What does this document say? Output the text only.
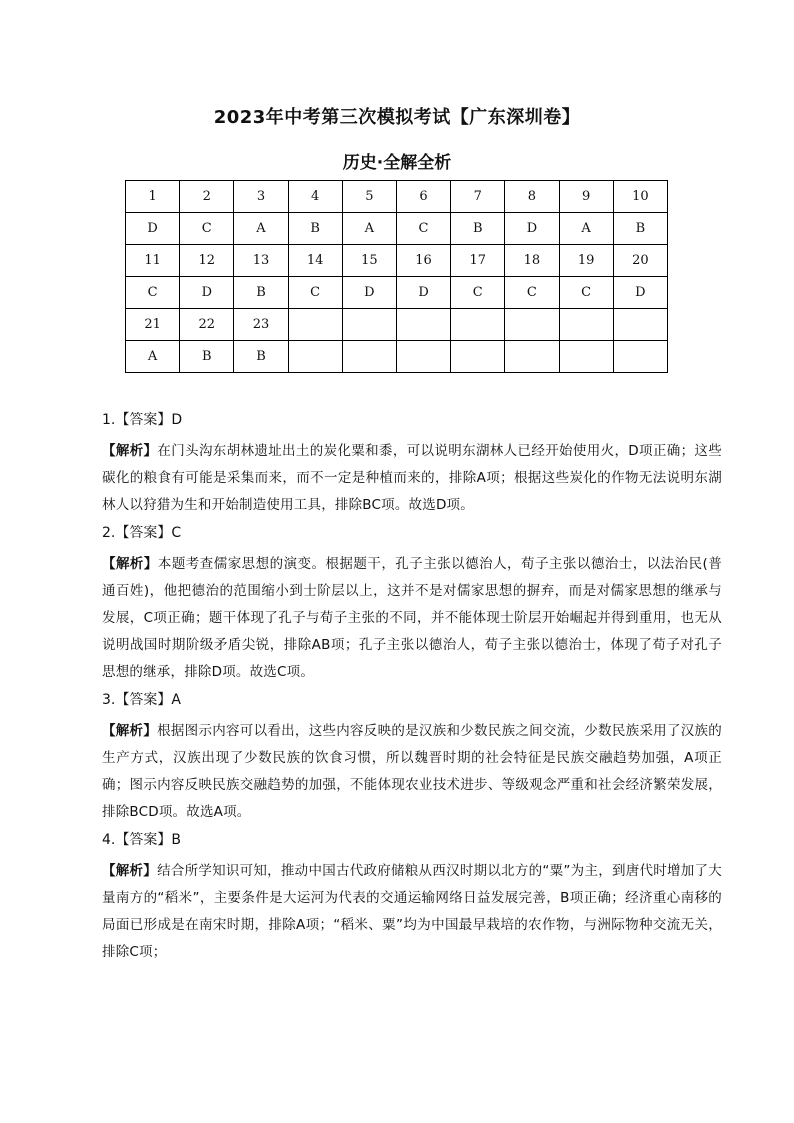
2023年中考第三次模拟考试【广东深圳卷】
历史·全解全析
1	2	3	4	5	6	7	8	9	10
D	C	A	B	A	C	B	D	A	B
11	12	13	14	15	16	17	18	19	20
C	D	B	C	D	D	C	C	C	D
21	22	23							
A	B	B							

1.【答案】D

【解析】在门头沟东胡林遗址出土的炭化粟和黍，可以说明东湖林人已经开始使用火，D项正确；这些碳化的粮食有可能是采集而来，而不一定是种植而来的，排除A项；根据这些炭化的作物无法说明东湖林人以狩猎为生和开始制造使用工具，排除BC项。故选D项。

2.【答案】C

【解析】本题考查儒家思想的演变。根据题干，孔子主张以德治人，荀子主张以德治士，以法治民(普通百姓)，他把德治的范围缩小到士阶层以上，这并不是对儒家思想的摒弃，而是对儒家思想的继承与发展，C项正确；题干体现了孔子与荀子主张的不同，并不能体现士阶层开始崛起并得到重用，也无从说明战国时期阶级矛盾尖锐，排除AB项；孔子主张以德治人，荀子主张以德治士，体现了荀子对孔子思想的继承，排除D项。故选C项。

3.【答案】A

【解析】根据图示内容可以看出，这些内容反映的是汉族和少数民族之间交流，少数民族采用了汉族的生产方式，汉族出现了少数民族的饮食习惯，所以魏晋时期的社会特征是民族交融趋势加强，A项正确；图示内容反映民族交融趋势的加强，不能体现农业技术进步、等级观念严重和社会经济繁荣发展，排除BCD项。故选A项。

4.【答案】B

【解析】结合所学知识可知，推动中国古代政府储粮从西汉时期以北方的“粟”为主，到唐代时增加了大量南方的“稻米”，主要条件是大运河为代表的交通运输网络日益发展完善，B项正确；经济重心南移的局面已形成是在南宋时期，排除A项；“稻米、粟”均为中国最早栽培的农作物，与洲际物种交流无关，排除C项；
